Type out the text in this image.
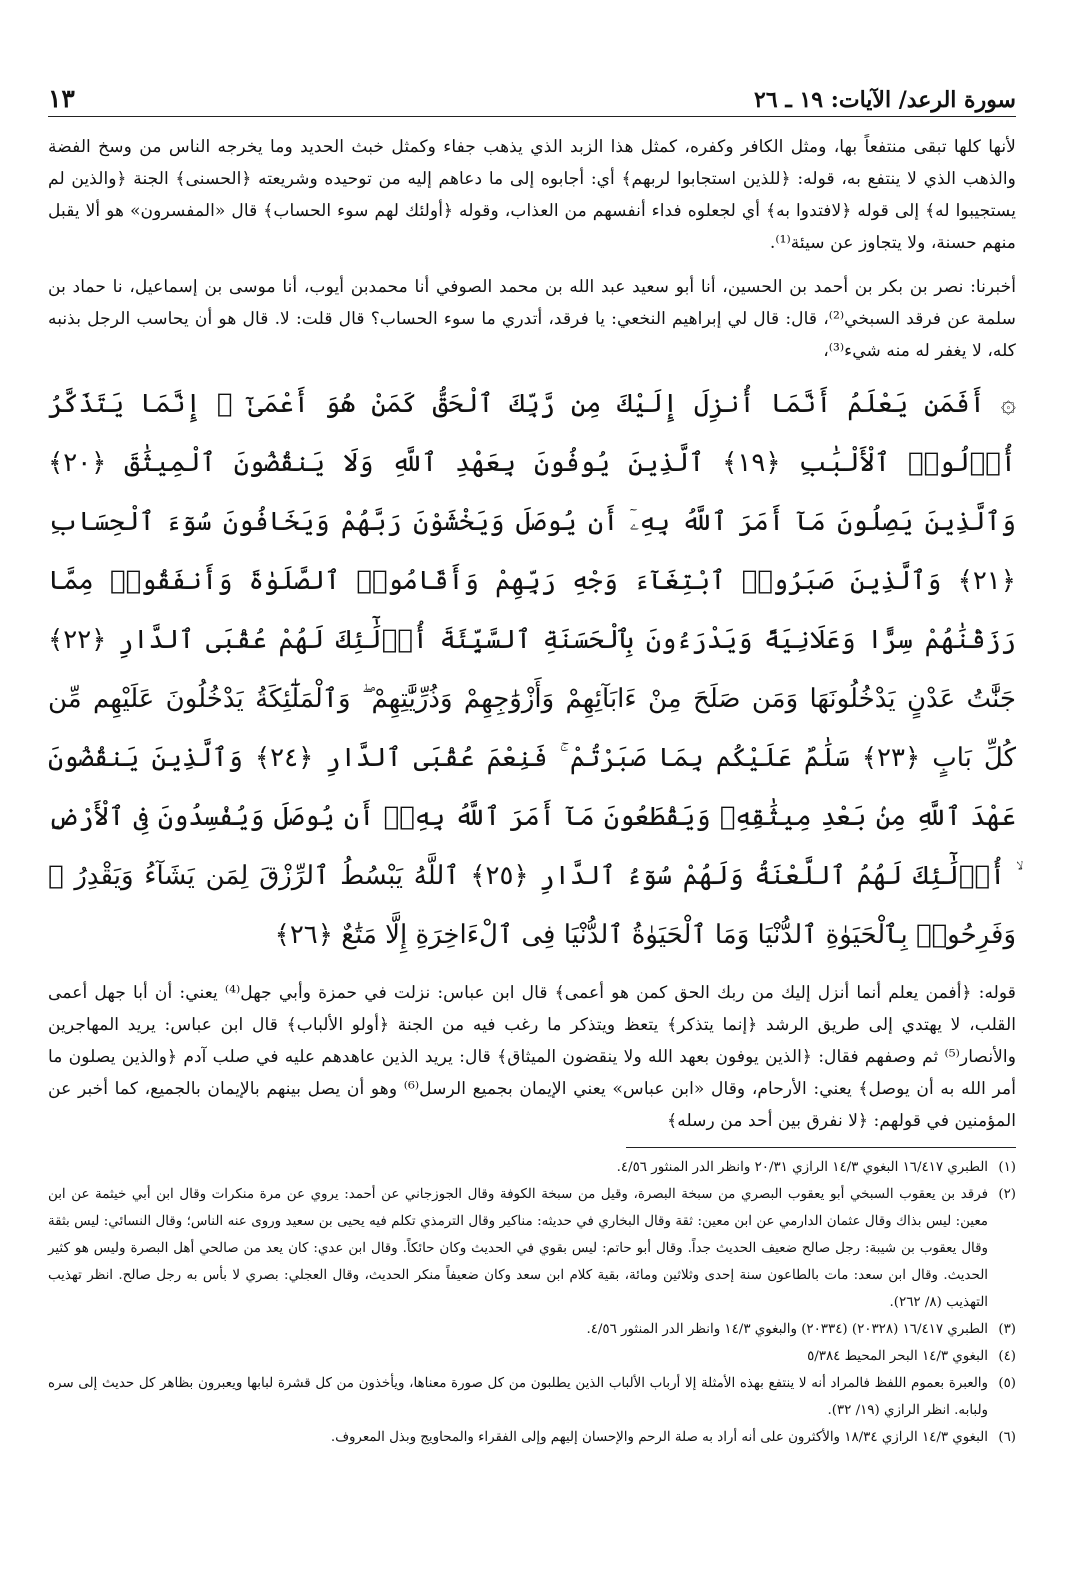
سورة الرعد/ الآيات: ١٩ ـ ٢٦
١٣

لأنها كلها تبقى منتفعاً بها، ومثل الكافر وكفره، كمثل هذا الزبد الذي يذهب جفاء وكمثل خبث الحديد وما يخرجه الناس من وسخ الفضة والذهب الذي لا ينتفع به، قوله: ﴿للذين استجابوا لربهم﴾ أي: أجابوه إلى ما دعاهم إليه من توحيده وشريعته ﴿الحسنى﴾ الجنة ﴿والذين لم يستجيبوا له﴾ إلى قوله ﴿لافتدوا به﴾ أي لجعلوه فداء أنفسهم من العذاب، وقوله ﴿أولئك لهم سوء الحساب﴾ قال «المفسرون» هو ألا يقبل منهم حسنة، ولا يتجاوز عن سيئة⁽¹⁾.

أخبرنا: نصر بن بكر بن أحمد بن الحسين، أنا أبو سعيد عبد الله بن محمد الصوفي أنا محمدبن أيوب، أنا موسى بن إسماعيل، نا حماد بن سلمة عن فرقد السبخي⁽²⁾، قال: قال لي إبراهيم النخعي: يا فرقد، أتدري ما سوء الحساب؟ قال قلت: لا. قال هو أن يحاسب الرجل بذنبه كله، لا يغفر له منه شيء⁽³⁾،

۞ أَفَمَن يَعْلَمُ أَنَّمَا أُنزِلَ إِلَيْكَ مِن رَّبِّكَ ٱلْحَقُّ كَمَنْ هُوَ أَعْمَىٰٓ ۚ إِنَّمَا يَتَذَكَّرُ أُو۟لُوا۟ ٱلْأَلْبَٰبِ ﴿١٩﴾ ٱلَّذِينَ يُوفُونَ بِعَهْدِ ٱللَّهِ وَلَا يَنقُضُونَ ٱلْمِيثَٰقَ ﴿٢٠﴾ وَٱلَّذِينَ يَصِلُونَ مَآ أَمَرَ ٱللَّهُ بِهِۦٓ أَن يُوصَلَ وَيَخْشَوْنَ رَبَّهُمْ وَيَخَافُونَ سُوٓءَ ٱلْحِسَابِ ﴿٢١﴾ وَٱلَّذِينَ صَبَرُوا۟ ٱبْتِغَآءَ وَجْهِ رَبِّهِمْ وَأَقَامُوا۟ ٱلصَّلَوٰةَ وَأَنفَقُوا۟ مِمَّا رَزَقْنَٰهُمْ سِرًّا وَعَلَانِيَةً وَيَدْرَءُونَ بِٱلْحَسَنَةِ ٱلسَّيِّئَةَ أُو۟لَٰٓئِكَ لَهُمْ عُقْبَى ٱلدَّارِ ﴿٢٢﴾ جَنَّٰتُ عَدْنٍ يَدْخُلُونَهَا وَمَن صَلَحَ مِنْ ءَابَآئِهِمْ وَأَزْوَٰجِهِمْ وَذُرِّيَّٰتِهِمْ ۖ وَٱلْمَلَٰٓئِكَةُ يَدْخُلُونَ عَلَيْهِم مِّن كُلِّ بَابٍ ﴿٢٣﴾ سَلَٰمٌ عَلَيْكُم بِمَا صَبَرْتُمْ ۚ فَنِعْمَ عُقْبَى ٱلدَّارِ ﴿٢٤﴾ وَٱلَّذِينَ يَنقُضُونَ عَهْدَ ٱللَّهِ مِنۢ بَعْدِ مِيثَٰقِهِۦ وَيَقْطَعُونَ مَآ أَمَرَ ٱللَّهُ بِهِۦٓ أَن يُوصَلَ وَيُفْسِدُونَ فِى ٱلْأَرْضِ ۙ أُو۟لَٰٓئِكَ لَهُمُ ٱللَّعْنَةُ وَلَهُمْ سُوٓءُ ٱلدَّارِ ﴿٢٥﴾ ٱللَّهُ يَبْسُطُ ٱلرِّزْقَ لِمَن يَشَآءُ وَيَقْدِرُ ۚ وَفَرِحُوا۟ بِٱلْحَيَوٰةِ ٱلدُّنْيَا وَمَا ٱلْحَيَوٰةُ ٱلدُّنْيَا فِى ٱلْءَاخِرَةِ إِلَّا مَتَٰعٌ ﴿٢٦﴾

قوله: ﴿أفمن يعلم أنما أنزل إليك من ربك الحق كمن هو أعمى﴾ قال ابن عباس: نزلت في حمزة وأبي جهل⁽⁴⁾ يعني: أن أبا جهل أعمى القلب، لا يهتدي إلى طريق الرشد ﴿إنما يتذكر﴾ يتعظ ويتذكر ما رغب فيه من الجنة ﴿أولو الألباب﴾ قال ابن عباس: يريد المهاجرين والأنصار⁽⁵⁾ ثم وصفهم فقال: ﴿الذين يوفون بعهد الله ولا ينقضون الميثاق﴾ قال: يريد الذين عاهدهم عليه في صلب آدم ﴿والذين يصلون ما أمر الله به أن يوصل﴾ يعني: الأرحام، وقال «ابن عباس» يعني الإيمان بجميع الرسل⁽⁶⁾ وهو أن يصل بينهم بالإيمان بالجميع، كما أخبر عن المؤمنين في قولهم: ﴿لا نفرق بين أحد من رسله﴾

(١)
الطبري ١٦/٤١٧ البغوي ١٤/٣ الرازي ٢٠/٣١ وانظر الدر المنثور ٤/٥٦.
(٢)
فرقد بن يعقوب السبخي أبو يعقوب البصري من سبخة البصرة، وقيل من سبخة الكوفة وقال الجوزجاني عن أحمد: يروي عن مرة منكرات وقال ابن أبي خيثمة عن ابن معين: ليس بذاك وقال عثمان الدارمي عن ابن معين: ثقة وقال البخاري في حديثه: مناكير وقال الترمذي تكلم فيه يحيى بن سعيد وروى عنه الناس؛ وقال النسائي: ليس بثقة وقال يعقوب بن شيبة: رجل صالح ضعيف الحديث جداً. وقال أبو حاتم: ليس بقوي في الحديث وكان حائكاً. وقال ابن عدي: كان يعد من صالحي أهل البصرة وليس هو كثير الحديث. وقال ابن سعد: مات بالطاعون سنة إحدى وثلاثين ومائة، بقية كلام ابن سعد وكان ضعيفاً منكر الحديث، وقال العجلي: بصري لا بأس به رجل صالح. انظر تهذيب التهذيب (٨/ ٢٦٢).
(٣)
الطبري ١٦/٤١٧ (٢٠٣٢٨) (٢٠٣٣٤) والبغوي ١٤/٣ وانظر الدر المنثور ٤/٥٦.
(٤)
البغوي ١٤/٣ البحر المحيط ٥/٣٨٤
(٥)
والعبرة بعموم اللفظ فالمراد أنه لا ينتفع بهذه الأمثلة إلا أرباب الألباب الذين يطلبون من كل صورة معناها، ويأخذون من كل قشرة لبابها ويعبرون بظاهر كل حديث إلى سره ولبابه. انظر الرازي (١٩/ ٣٢).
(٦)
البغوي ١٤/٣ الرازي ١٨/٣٤ والأكثرون على أنه أراد به صلة الرحم والإحسان إليهم وإلى الفقراء والمحاويج وبذل المعروف.
